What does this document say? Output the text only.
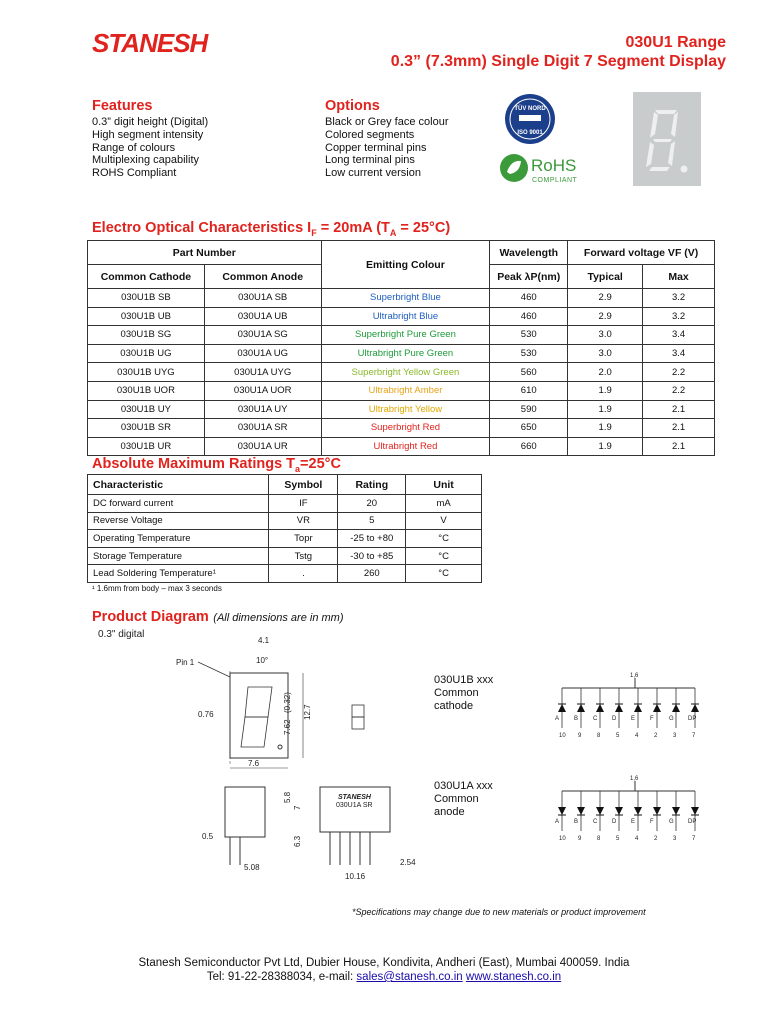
STANESH	030U1 Range
0.3” (7.3mm) Single Digit 7 Segment Display
Features
0.3” digit height (Digital)
High segment intensity
Range of colours
Multiplexing capability
ROHS Compliant
Options
Black or Grey face colour
Colored segments
Copper terminal pins
Long terminal pins
Low current version
TÜV NORD
ISO 9001
RoHS
COMPLIANT
Electro Optical Characteristics $I_F = 20mA$ $(T_A = 25^\circ C)$
Part Number		Emitting Colour	Wavelength	Forward voltage VF (V)	
Common Cathode	Common Anode		Peak λP(nm)	Typical	Max
030U1B SB	030U1A SB	Superbright Blue	460	2.9	3.2
030U1B UB	030U1A UB	Ultrabright Blue	460	2.9	3.2
030U1B SG	030U1A SG	Superbright Pure Green	530	3.0	3.4
030U1B UG	030U1A UG	Ultrabright Pure Green	530	3.0	3.4
030U1B UYG	030U1A UYG	Superbright Yellow Green	560	2.0	2.2
030U1B UOR	030U1A UOR	Ultrabright Amber	610	1.9	2.2
030U1B UY	030U1A UY	Ultrabright Yellow	590	1.9	2.1
030U1B SR	030U1A SR	Superbright Red	650	1.9	2.1
030U1B UR	030U1A UR	Ultrabright Red	660	1.9	2.1
Absolute Maximum Ratings $T_a=25^\circ C$
Characteristic	Symbol	Rating	Unit
DC forward current	IF	20	mA
Reverse Voltage	VR	5	V
Operating Temperature	Topr	-25 to +80	°C
Storage Temperature	Tstg	-30 to +85	°C
Lead Soldering Temperature¹	.	260	°C
¹ 1.6mm from body – max 3 seconds
Product Diagram (All dimensions are in mm)
0.3" digital
Pin 1
4.1
10°
0.76
7.62
(0.32) 12.7
7.6
5.8
7
6.3
0.5
5.08
STANESH
030U1A SR
10.16
2.54
030U1B xxx
Common
cathode
1,6
A
10
B
9
C
8
D
5
E
4
F
2
G
3
DP
7
030U1A xxx
Common
anode
1,6
A
10
B
9
C
8
D
5
E
4
F
2
G
3
DP
7
*Specifications may change due to new materials or product improvement
Stanesh Semiconductor Pvt Ltd, Dubier House, Kondivita, Andheri (East), Mumbai 400059. India
Tel: 91-22-28388034, e-mail: sales@stanesh.co.in www.stanesh.co.in
